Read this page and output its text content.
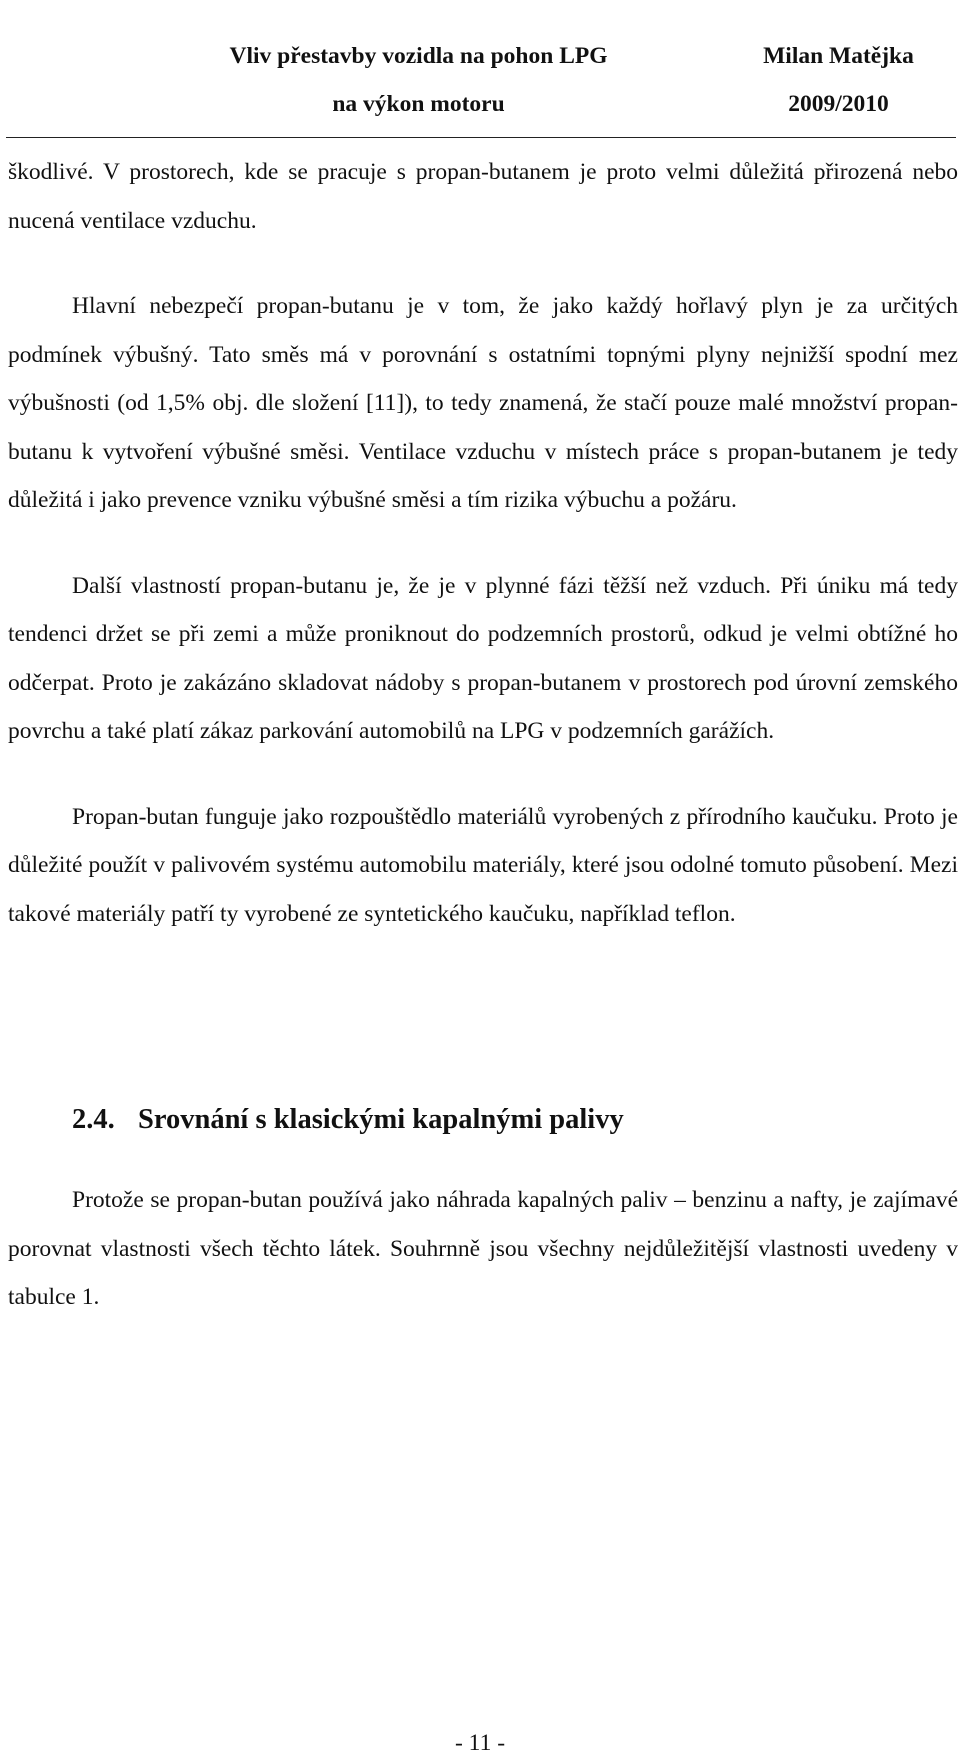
Vliv přestavby vozidla na pohon LPG	Milan Matějka
na výkon motoru	2009/2010

škodlivé. V prostorech, kde se pracuje s propan-butanem je proto velmi důležitá přirozená nebo nucená ventilace vzduchu.

Hlavní nebezpečí propan-butanu je v tom, že jako každý hořlavý plyn je za určitých podmínek výbušný. Tato směs má v porovnání s ostatními topnými plyny nejnižší spodní mez výbušnosti (od 1,5% obj. dle složení [11]), to tedy znamená, že stačí pouze malé množství propan-butanu k vytvoření výbušné směsi. Ventilace vzduchu v místech práce s propan-butanem je tedy důležitá i jako prevence vzniku výbušné směsi a tím rizika výbuchu a požáru.

Další vlastností propan-butanu je, že je v plynné fázi těžší než vzduch. Při úniku má tedy tendenci držet se při zemi a může proniknout do podzemních prostorů, odkud je velmi obtížné ho odčerpat. Proto je zakázáno skladovat nádoby s propan-butanem v prostorech pod úrovní zemského povrchu a také platí zákaz parkování automobilů na LPG v podzemních garážích.

Propan-butan funguje jako rozpouštědlo materiálů vyrobených z přírodního kaučuku. Proto je důležité použít v palivovém systému automobilu materiály, které jsou odolné tomuto působení. Mezi takové materiály patří ty vyrobené ze syntetického kaučuku, například teflon.

2.4. Srovnání s klasickými kapalnými palivy

Protože se propan-butan používá jako náhrada kapalných paliv – benzinu a nafty, je zajímavé porovnat vlastnosti všech těchto látek. Souhrnně jsou všechny nejdůležitější vlastnosti uvedeny v tabulce 1.

- 11 -
